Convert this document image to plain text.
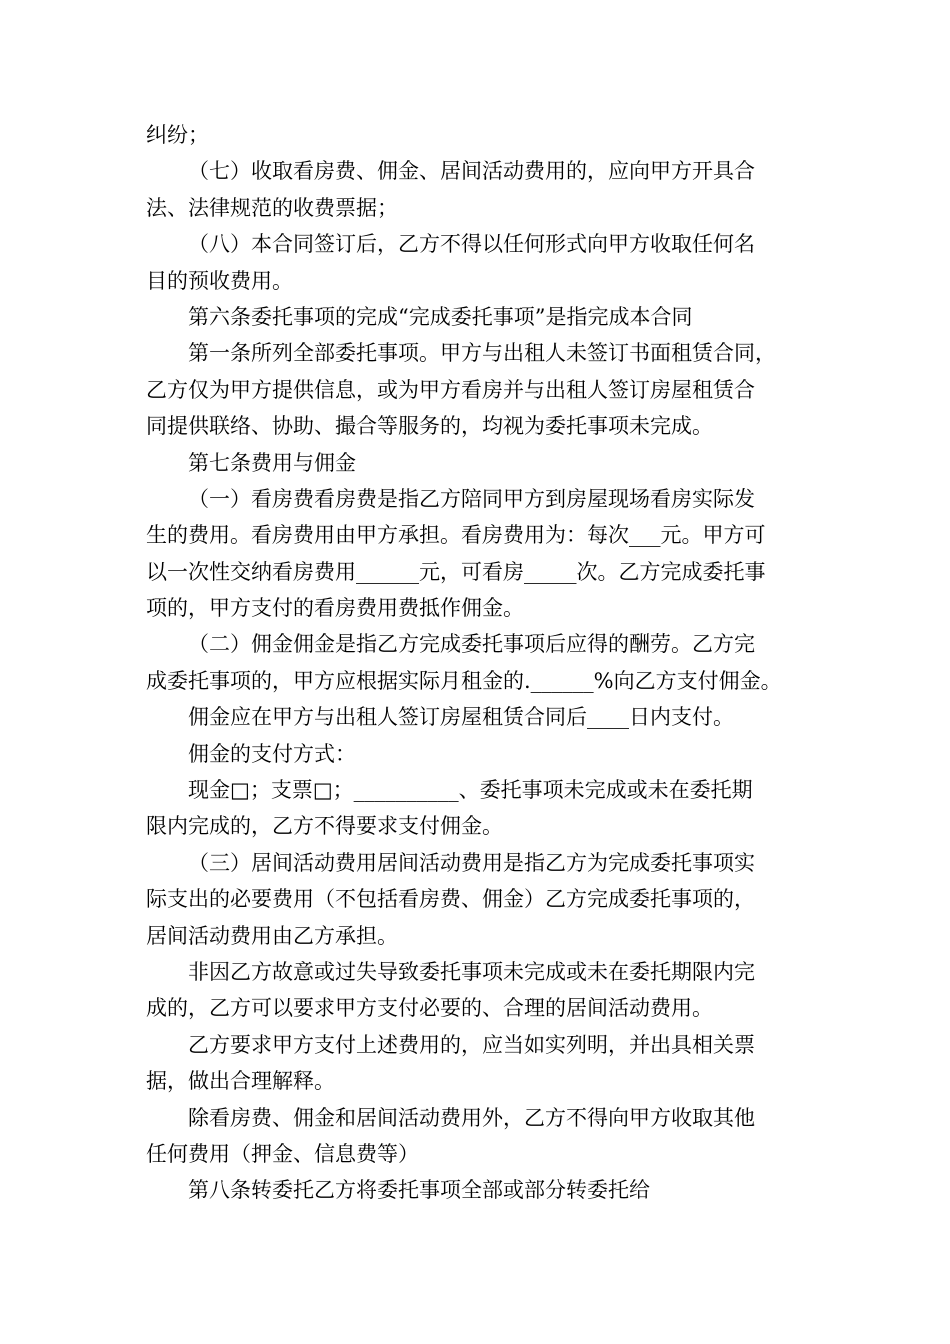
纠纷；
（七）收取看房费、佣金、居间活动费用的，应向甲方开具合
法、法律规范的收费票据；
（八）本合同签订后，乙方不得以任何形式向甲方收取任何名
目的预收费用。
第六条委托事项的完成“完成委托事项”是指完成本合同
第一条所列全部委托事项。甲方与出租人未签订书面租赁合同，
乙方仅为甲方提供信息，或为甲方看房并与出租人签订房屋租赁合
同提供联络、协助、撮合等服务的，均视为委托事项未完成。
第七条费用与佣金
（一）看房费看房费是指乙方陪同甲方到房屋现场看房实际发
生的费用。看房费用由甲方承担。看房费用为：每次___元。甲方可
以一次性交纳看房费用______元，可看房_____次。乙方完成委托事
项的，甲方支付的看房费用费抵作佣金。
（二）佣金佣金是指乙方完成委托事项后应得的酬劳。乙方完
成委托事项的，甲方应根据实际月租金的.______%向乙方支付佣金。
佣金应在甲方与出租人签订房屋租赁合同后____日内支付。
佣金的支付方式：
现金□；支票□；__________、委托事项未完成或未在委托期
限内完成的，乙方不得要求支付佣金。
（三）居间活动费用居间活动费用是指乙方为完成委托事项实
际支出的必要费用（不包括看房费、佣金）乙方完成委托事项的，
居间活动费用由乙方承担。
非因乙方故意或过失导致委托事项未完成或未在委托期限内完
成的，乙方可以要求甲方支付必要的、合理的居间活动费用。
乙方要求甲方支付上述费用的，应当如实列明，并出具相关票
据，做出合理解释。
除看房费、佣金和居间活动费用外，乙方不得向甲方收取其他
任何费用（押金、信息费等）
第八条转委托乙方将委托事项全部或部分转委托给
